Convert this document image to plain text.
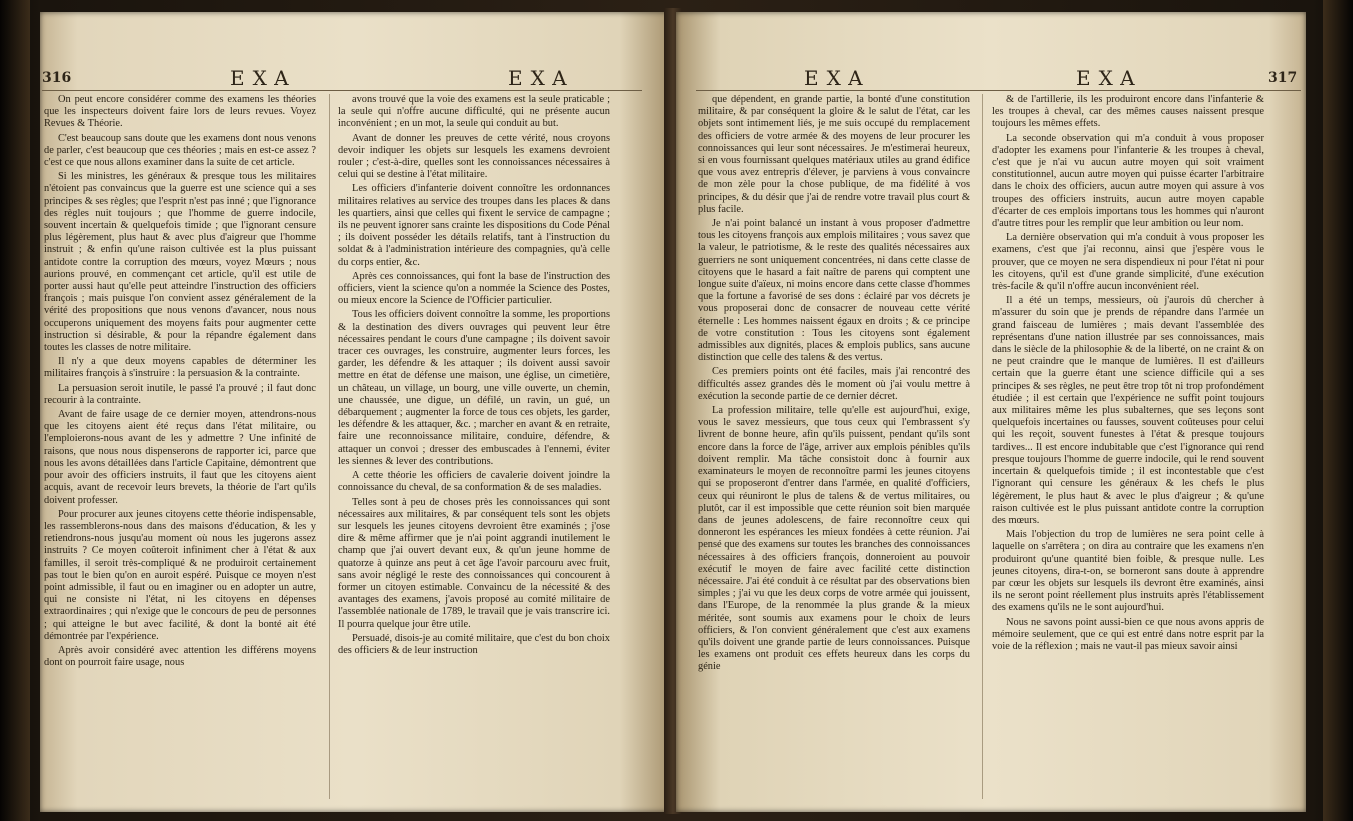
316	EXA	EXA

On peut encore considérer comme des examens les théories que les inspecteurs doivent faire lors de leurs revues. Voyez Revues & Théorie.

C'est beaucoup sans doute que les examens dont nous venons de parler, c'est beaucoup que ces théories ; mais en est-ce assez ? c'est ce que nous allons examiner dans la suite de cet article.

Si les ministres, les généraux & presque tous les militaires n'étoient pas convaincus que la guerre est une science qui a ses principes & ses règles; que l'esprit n'est pas inné ; que l'ignorance des règles nuit toujours ; que l'homme de guerre indocile, souvent incertain & quelquefois timide ; que l'ignorant censure plus légèrement, plus haut & avec plus d'aigreur que l'homme instruit ; & enfin qu'une raison cultivée est la plus puissant antidote contre la corruption des mœurs, voyez Mœurs ; nous aurions prouvé, en commençant cet article, qu'il est utile de porter aussi haut qu'elle peut atteindre l'instruction des officiers françois ; mais puisque l'on convient assez généralement de la vérité des propositions que nous venons d'avancer, nous nous occuperons uniquement des moyens faits pour augmenter cette instruction si désirable, & pour la répandre également dans toutes les classes de notre militaire.

Il n'y a que deux moyens capables de déterminer les militaires françois à s'instruire : la persuasion & la contrainte.

La persuasion seroit inutile, le passé l'a prouvé ; il faut donc recourir à la contrainte.

Avant de faire usage de ce dernier moyen, attendrons-nous que les citoyens aient été reçus dans l'état militaire, ou l'emploierons-nous avant de les y admettre ? Une infinité de raisons, que nous nous dispenserons de rapporter ici, parce que nous les avons détaillées dans l'article Capitaine, démontrent que pour avoir des officiers instruits, il faut que les citoyens aient acquis, avant de recevoir leurs brevets, la théorie de l'art qu'ils doivent professer.

Pour procurer aux jeunes citoyens cette théorie indispensable, les rassemblerons-nous dans des maisons d'éducation, & les y retiendrons-nous jusqu'au moment où nous les jugerons assez instruits ? Ce moyen coûteroit infiniment cher à l'état & aux familles, il seroit très-compliqué & ne produiroit certainement pas tout le bien qu'on en auroit espéré. Puisque ce moyen n'est point admissible, il faut ou en imaginer ou en adopter un autre, qui ne consiste ni l'état, ni les citoyens en dépenses extraordinaires ; qui n'exige que le concours de peu de personnes ; qui atteigne le but avec facilité, & dont la bonté ait été démontrée par l'expérience.

Après avoir considéré avec attention les différens moyens dont on pourroit faire usage, nous

avons trouvé que la voie des examens est la seule praticable ; la seule qui n'offre aucune difficulté, qui ne présente aucun inconvénient ; en un mot, la seule qui conduit au but.

Avant de donner les preuves de cette vérité, nous croyons devoir indiquer les objets sur lesquels les examens devroient rouler ; c'est-à-dire, quelles sont les connoissances nécessaires à celui qui se destine à l'état militaire.

Les officiers d'infanterie doivent connoître les ordonnances militaires relatives au service des troupes dans les places & dans les quartiers, ainsi que celles qui fixent le service de campagne ; ils ne peuvent ignorer sans crainte les dispositions du Code Pénal ; ils doivent posséder les détails relatifs, tant à l'instruction du soldat & à l'administration intérieure des compagnies, qu'à celle du corps entier, &c.

Après ces connoissances, qui font la base de l'instruction des officiers, vient la science qu'on a nommée la Science des Postes, ou mieux encore la Science de l'Officier particulier.

Tous les officiers doivent connoître la somme, les proportions & la destination des divers ouvrages qui peuvent leur être nécessaires pendant le cours d'une campagne ; ils doivent savoir tracer ces ouvrages, les construire, augmenter leurs forces, les garder, les défendre & les attaquer ; ils doivent aussi savoir mettre en état de défense une maison, une église, un cimetière, un château, un village, un bourg, une ville ouverte, un chemin, une chaussée, une digue, un défilé, un ravin, un gué, un débarquement ; augmenter la force de tous ces objets, les garder, les défendre & les attaquer, &c. ; marcher en avant & en retraite, faire une reconnoissance militaire, conduire, défendre, & attaquer un convoi ; dresser des embuscades à l'ennemi, éviter les siennes & lever des contributions.

A cette théorie les officiers de cavalerie doivent joindre la connoissance du cheval, de sa conformation & de ses maladies.

Telles sont à peu de choses près les connoissances qui sont nécessaires aux militaires, & par conséquent tels sont les objets sur lesquels les jeunes citoyens devroient être examinés ; j'ose dire & même affirmer que je n'ai point aggrandi inutilement le champ que j'ai ouvert devant eux, & qu'un jeune homme de quatorze à quinze ans peut à cet âge l'avoir parcouru avec fruit, sans avoir négligé le reste des connoissances qui concourent à former un citoyen estimable. Convaincu de la nécessité & des avantages des examens, j'avois proposé au comité militaire de l'assemblée nationale de 1789, le travail que je vais transcrire ici. Il pourra quelque jour être utile.

Persuadé, disois-je au comité militaire, que c'est du bon choix des officiers & de leur instruction

EXA	EXA	317

que dépendent, en grande partie, la bonté d'une constitution militaire, & par conséquent la gloire & le salut de l'état, car les objets sont intimement liés, je me suis occupé du remplacement des officiers de votre armée & des moyens de leur procurer les connoissances qui leur sont nécessaires. Je m'estimerai heureux, si en vous fournissant quelques matériaux utiles au grand édifice que vous avez entrepris d'élever, je parviens à vous convaincre de mon zèle pour la chose publique, de ma fidélité à vos principes, & du désir que j'ai de rendre votre travail plus court & plus facile.

Je n'ai point balancé un instant à vous proposer d'admettre tous les citoyens françois aux emplois militaires ; vous savez que la valeur, le patriotisme, & le reste des qualités nécessaires aux guerriers ne sont uniquement concentrées, ni dans cette classe de citoyens que le hasard a fait naître de parens qui comptent une longue suite d'aïeux, ni moins encore dans cette classe d'hommes que la fortune a favorisé de ses dons : éclairé par vos décrets je vous proposerai donc de consacrer de nouveau cette vérité éternelle : Les hommes naissent égaux en droits ; & ce principe de votre constitution : Tous les citoyens sont également admissibles aux dignités, places & emplois publics, sans aucune distinction que celle des talens & des vertus.

Ces premiers points ont été faciles, mais j'ai rencontré des difficultés assez grandes dès le moment où j'ai voulu mettre à exécution la seconde partie de ce dernier décret.

La profession militaire, telle qu'elle est aujourd'hui, exige, vous le savez messieurs, que tous ceux qui l'embrassent s'y livrent de bonne heure, afin qu'ils puissent, pendant qu'ils sont encore dans la force de l'âge, arriver aux emplois pénibles qu'ils doivent remplir. Ma tâche consistoit donc à fournir aux examinateurs le moyen de reconnoître parmi les jeunes citoyens qui se proposeront d'entrer dans l'armée, en qualité d'officiers, ceux qui réuniront le plus de talens & de vertus militaires, ou plutôt, car il est impossible que cette réunion soit bien marquée dans de jeunes adolescens, de faire reconnoître ceux qui donneront les espérances les mieux fondées à cette réunion. J'ai pensé que des examens sur toutes les branches des connoissances nécessaires à des officiers françois, donneroient au pouvoir exécutif le moyen de faire avec facilité cette distinction nécessaire. J'ai été conduit à ce résultat par des observations bien simples ; j'ai vu que les deux corps de votre armée qui jouissent, dans l'Europe, de la renommée la plus grande & la mieux méritée, sont soumis aux examens pour le choix de leurs officiers, & l'on convient généralement que c'est aux examens qu'ils doivent une grande partie de leurs connoissances. Puisque les examens ont produit ces effets heureux dans les corps du génie

& de l'artillerie, ils les produiront encore dans l'infanterie & les troupes à cheval, car des mêmes causes naissent presque toujours les mêmes effets.

La seconde observation qui m'a conduit à vous proposer d'adopter les examens pour l'infanterie & les troupes à cheval, c'est que je n'ai vu aucun autre moyen qui soit vraiment constitutionnel, aucun autre moyen qui puisse écarter l'arbitraire dans le choix des officiers, aucun autre moyen qui assure à vos troupes des officiers instruits, aucun autre moyen capable d'écarter de ces emplois importans tous les hommes qui n'auront d'autre titres pour les remplir que leur ambition ou leur nom.

La dernière observation qui m'a conduit à vous proposer les examens, c'est que j'ai reconnu, ainsi que j'espère vous le prouver, que ce moyen ne sera dispendieux ni pour l'état ni pour les citoyens, qu'il est d'une grande simplicité, d'une exécution très-facile & qu'il n'offre aucun inconvénient réel.

Il a été un temps, messieurs, où j'aurois dû chercher à m'assurer du soin que je prends de répandre dans l'armée un grand faisceau de lumières ; mais devant l'assemblée des représentans d'une nation illustrée par ses connoissances, mais dans le siècle de la philosophie & de la liberté, on ne craint & on ne peut craindre que le manque de lumières. Il est d'ailleurs certain que la guerre étant une science difficile qui a ses principes & ses règles, ne peut être trop tôt ni trop profondément étudiée ; il est certain que l'expérience ne suffit point toujours aux militaires même les plus subalternes, que ses leçons sont quelquefois incertaines ou fausses, souvent coûteuses pour celui qui les reçoit, souvent funestes à l'état & presque toujours tardives... Il est encore indubitable que c'est l'ignorance qui rend presque toujours l'homme de guerre indocile, qui le rend souvent incertain & quelquefois timide ; il est incontestable que c'est l'ignorant qui censure les généraux & les chefs le plus légèrement, le plus haut & avec le plus d'aigreur ; & qu'une raison cultivée est le plus puissant antidote contre la corruption des mœurs.

Mais l'objection du trop de lumières ne sera point celle à laquelle on s'arrêtera ; on dira au contraire que les examens n'en produiront qu'une quantité bien foible, & presque nulle. Les jeunes citoyens, dira-t-on, se borneront sans doute à apprendre par cœur les objets sur lesquels ils devront être examinés, ainsi ils ne seront point réellement plus instruits après l'établissement des examens qu'ils ne le sont aujourd'hui.

Nous ne savons point aussi-bien ce que nous avons appris de mémoire seulement, que ce qui est entré dans notre esprit par la voie de la réflexion ; mais ne vaut-il pas mieux savoir ainsi
